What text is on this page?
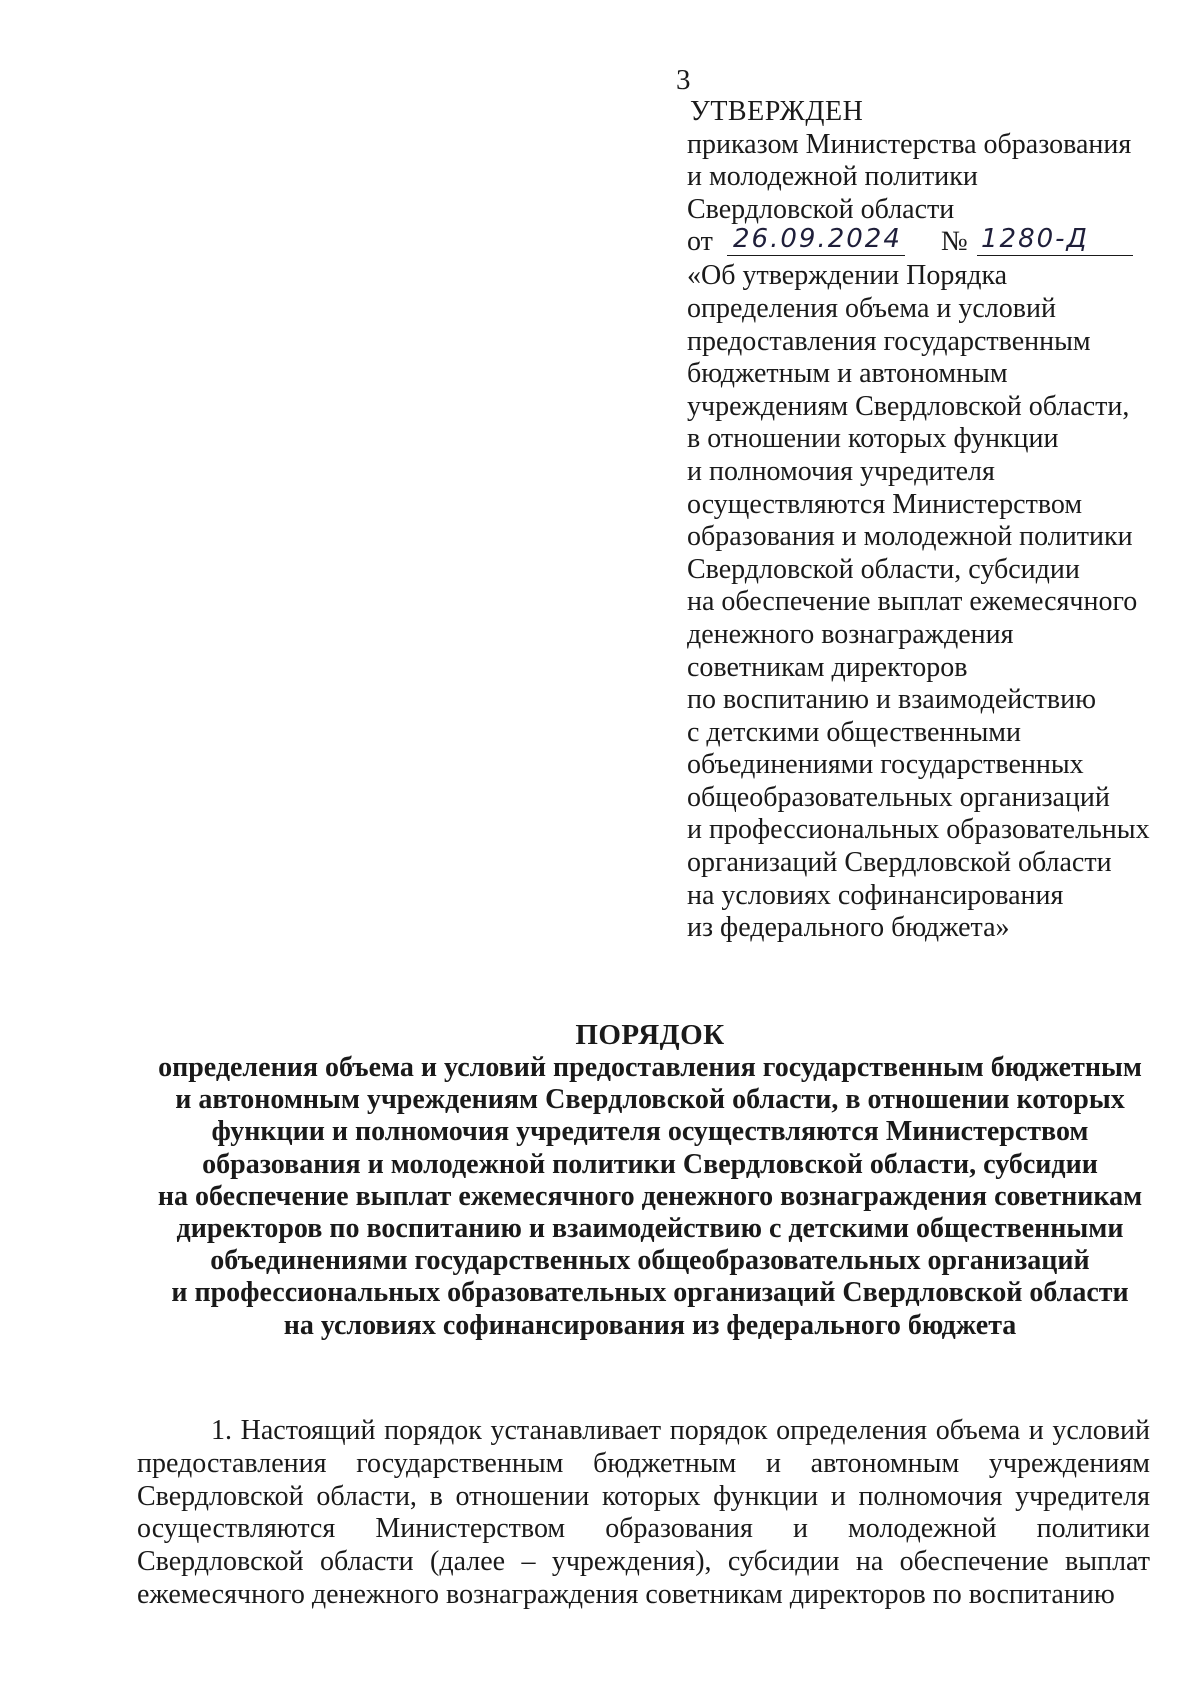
3
УТВЕРЖДЕН
приказом Министерства образования
и молодежной политики
Свердловской области
от 26.09.2024 № 1280-Д
«Об утверждении Порядка
определения объема и условий
предоставления государственным
бюджетным и автономным
учреждениям Свердловской области,
в отношении которых функции
и полномочия учредителя
осуществляются Министерством
образования и молодежной политики
Свердловской области, субсидии
на обеспечение выплат ежемесячного
денежного вознаграждения
советникам директоров
по воспитанию и взаимодействию
с детскими общественными
объединениями государственных
общеобразовательных организаций
и профессиональных образовательных
организаций Свердловской области
на условиях софинансирования
из федерального бюджета»
ПОРЯДОК
определения объема и условий предоставления государственным бюджетным
и автономным учреждениям Свердловской области, в отношении которых
функции и полномочия учредителя осуществляются Министерством
образования и молодежной политики Свердловской области, субсидии
на обеспечение выплат ежемесячного денежного вознаграждения советникам
директоров по воспитанию и взаимодействию с детскими общественными
объединениями государственных общеобразовательных организаций
и профессиональных образовательных организаций Свердловской области
на условиях софинансирования из федерального бюджета

1. Настоящий порядок устанавливает порядок определения объема и условий предоставления государственным бюджетным и автономным учреждениям Свердловской области, в отношении которых функции и полномочия учредителя осуществляются Министерством образования и молодежной политики Свердловской области (далее – учреждения), субсидии на обеспечение выплат ежемесячного денежного вознаграждения советникам директоров по воспитанию
